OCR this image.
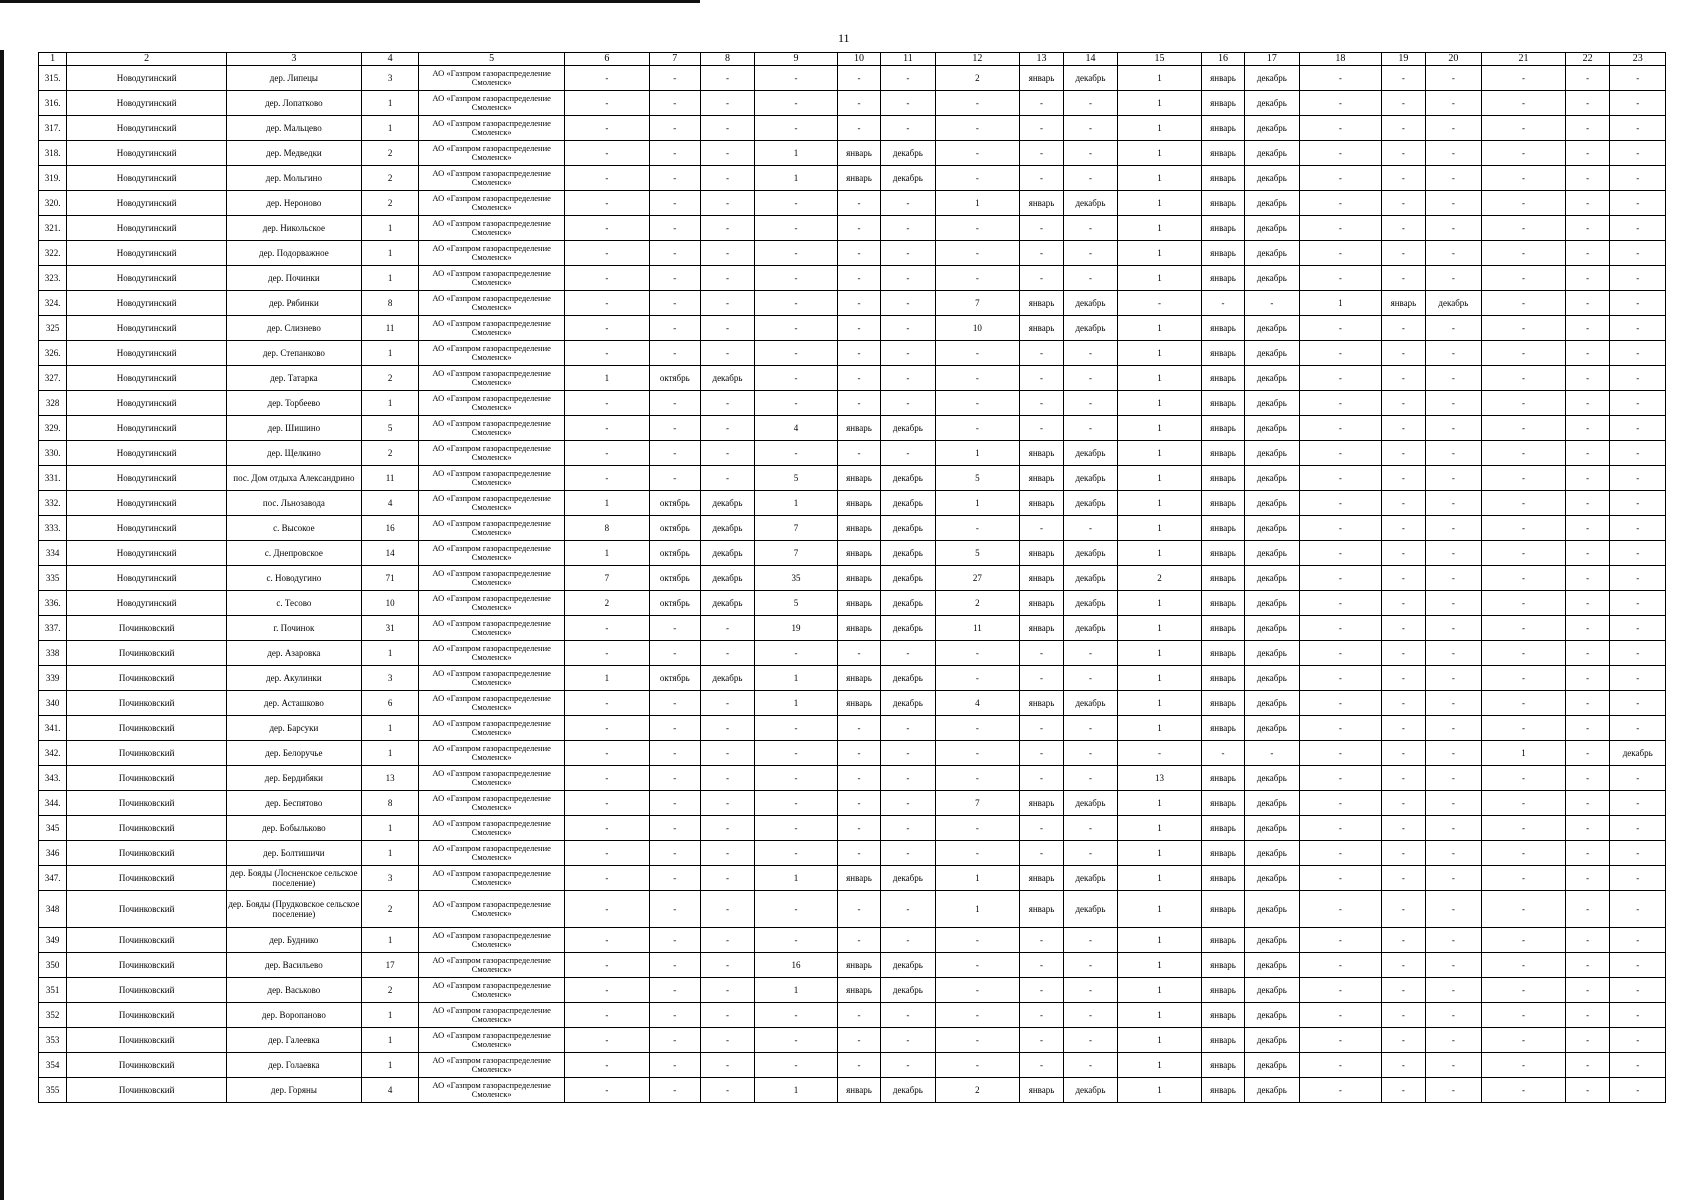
11
1	2	3	4	5	6	7	8	9	10	11	12	13	14	15	16	17	18	19	20	21	22	23
315.	Новодугинский	дер. Липецы	3	АО «Газпром газораспределение Смоленск»	-	-	-	-	-	-	2	январь	декабрь	1	январь	декабрь	-	-	-	-	-	-
316.	Новодугинский	дер. Лопатково	1	АО «Газпром газораспределение Смоленск»	-	-	-	-	-	-	-	-	-	1	январь	декабрь	-	-	-	-	-	-
317.	Новодугинский	дер. Мальцево	1	АО «Газпром газораспределение Смоленск»	-	-	-	-	-	-	-	-	-	1	январь	декабрь	-	-	-	-	-	-
318.	Новодугинский	дер. Медведки	2	АО «Газпром газораспределение Смоленск»	-	-	-	1	январь	декабрь	-	-	-	1	январь	декабрь	-	-	-	-	-	-
319.	Новодугинский	дер. Мольгино	2	АО «Газпром газораспределение Смоленск»	-	-	-	1	январь	декабрь	-	-	-	1	январь	декабрь	-	-	-	-	-	-
320.	Новодугинский	дер. Нероново	2	АО «Газпром газораспределение Смоленск»	-	-	-	-	-	-	1	январь	декабрь	1	январь	декабрь	-	-	-	-	-	-
321.	Новодугинский	дер. Никольское	1	АО «Газпром газораспределение Смоленск»	-	-	-	-	-	-	-	-	-	1	январь	декабрь	-	-	-	-	-	-
322.	Новодугинский	дер. Подорважное	1	АО «Газпром газораспределение Смоленск»	-	-	-	-	-	-	-	-	-	1	январь	декабрь	-	-	-	-	-	-
323.	Новодугинский	дер. Починки	1	АО «Газпром газораспределение Смоленск»	-	-	-	-	-	-	-	-	-	1	январь	декабрь	-	-	-	-	-	-
324.	Новодугинский	дер. Рябинки	8	АО «Газпром газораспределение Смоленск»	-	-	-	-	-	-	7	январь	декабрь	-	-	-	1	январь	декабрь	-	-	-
325	Новодугинский	дер. Слизнево	11	АО «Газпром газораспределение Смоленск»	-	-	-	-	-	-	10	январь	декабрь	1	январь	декабрь	-	-	-	-	-	-
326.	Новодугинский	дер. Степанково	1	АО «Газпром газораспределение Смоленск»	-	-	-	-	-	-	-	-	-	1	январь	декабрь	-	-	-	-	-	-
327.	Новодугинский	дер. Татарка	2	АО «Газпром газораспределение Смоленск»	1	октябрь	декабрь	-	-	-	-	-	-	1	январь	декабрь	-	-	-	-	-	-
328	Новодугинский	дер. Торбеево	1	АО «Газпром газораспределение Смоленск»	-	-	-	-	-	-	-	-	-	1	январь	декабрь	-	-	-	-	-	-
329.	Новодугинский	дер. Шишино	5	АО «Газпром газораспределение Смоленск»	-	-	-	4	январь	декабрь	-	-	-	1	январь	декабрь	-	-	-	-	-	-
330.	Новодугинский	дер. Щелкино	2	АО «Газпром газораспределение Смоленск»	-	-	-	-	-	-	1	январь	декабрь	1	январь	декабрь	-	-	-	-	-	-
331.	Новодугинский	пос. Дом отдыха Александрино	11	АО «Газпром газораспределение Смоленск»	-	-	-	5	январь	декабрь	5	январь	декабрь	1	январь	декабрь	-	-	-	-	-	-
332.	Новодугинский	пос. Льнозавода	4	АО «Газпром газораспределение Смоленск»	1	октябрь	декабрь	1	январь	декабрь	1	январь	декабрь	1	январь	декабрь	-	-	-	-	-	-
333.	Новодугинский	с. Высокое	16	АО «Газпром газораспределение Смоленск»	8	октябрь	декабрь	7	январь	декабрь	-	-	-	1	январь	декабрь	-	-	-	-	-	-
334	Новодугинский	с. Днепровское	14	АО «Газпром газораспределение Смоленск»	1	октябрь	декабрь	7	январь	декабрь	5	январь	декабрь	1	январь	декабрь	-	-	-	-	-	-
335	Новодугинский	с. Новодугино	71	АО «Газпром газораспределение Смоленск»	7	октябрь	декабрь	35	январь	декабрь	27	январь	декабрь	2	январь	декабрь	-	-	-	-	-	-
336.	Новодугинский	с. Тесово	10	АО «Газпром газораспределение Смоленск»	2	октябрь	декабрь	5	январь	декабрь	2	январь	декабрь	1	январь	декабрь	-	-	-	-	-	-
337.	Починковский	г. Починок	31	АО «Газпром газораспределение Смоленск»	-	-	-	19	январь	декабрь	11	январь	декабрь	1	январь	декабрь	-	-	-	-	-	-
338	Починковский	дер. Азаровка	1	АО «Газпром газораспределение Смоленск»	-	-	-	-	-	-	-	-	-	1	январь	декабрь	-	-	-	-	-	-
339	Починковский	дер. Акулинки	3	АО «Газпром газораспределение Смоленск»	1	октябрь	декабрь	1	январь	декабрь	-	-	-	1	январь	декабрь	-	-	-	-	-	-
340	Починковский	дер. Асташково	6	АО «Газпром газораспределение Смоленск»	-	-	-	1	январь	декабрь	4	январь	декабрь	1	январь	декабрь	-	-	-	-	-	-
341.	Починковский	дер. Барсуки	1	АО «Газпром газораспределение Смоленск»	-	-	-	-	-	-	-	-	-	1	январь	декабрь	-	-	-	-	-	-
342.	Починковский	дер. Белоручье	1	АО «Газпром газораспределение Смоленск»	-	-	-	-	-	-	-	-	-	-	-	-	-	-	-	1	-	декабрь
343.	Починковский	дер. Бердибяки	13	АО «Газпром газораспределение Смоленск»	-	-	-	-	-	-	-	-	-	13	январь	декабрь	-	-	-	-	-	-
344.	Починковский	дер. Беспятово	8	АО «Газпром газораспределение Смоленск»	-	-	-	-	-	-	7	январь	декабрь	1	январь	декабрь	-	-	-	-	-	-
345	Починковский	дер. Бобыльково	1	АО «Газпром газораспределение Смоленск»	-	-	-	-	-	-	-	-	-	1	январь	декабрь	-	-	-	-	-	-
346	Починковский	дер. Болтишичи	1	АО «Газпром газораспределение Смоленск»	-	-	-	-	-	-	-	-	-	1	январь	декабрь	-	-	-	-	-	-
347.	Починковский	дер. Бояды (Лосненское сельское поселение)	3	АО «Газпром газораспределение Смоленск»	-	-	-	1	январь	декабрь	1	январь	декабрь	1	январь	декабрь	-	-	-	-	-	-
348	Починковский	дер. Бояды (Прудковское сельское поселение)	2	АО «Газпром газораспределение Смоленск»	-	-	-	-	-	-	1	январь	декабрь	1	январь	декабрь	-	-	-	-	-	-
349	Починковский	дер. Буднико	1	АО «Газпром газораспределение Смоленск»	-	-	-	-	-	-	-	-	-	1	январь	декабрь	-	-	-	-	-	-
350	Починковский	дер. Васильево	17	АО «Газпром газораспределение Смоленск»	-	-	-	16	январь	декабрь	-	-	-	1	январь	декабрь	-	-	-	-	-	-
351	Починковский	дер. Васьково	2	АО «Газпром газораспределение Смоленск»	-	-	-	1	январь	декабрь	-	-	-	1	январь	декабрь	-	-	-	-	-	-
352	Починковский	дер. Воропаново	1	АО «Газпром газораспределение Смоленск»	-	-	-	-	-	-	-	-	-	1	январь	декабрь	-	-	-	-	-	-
353	Починковский	дер. Галеевка	1	АО «Газпром газораспределение Смоленск»	-	-	-	-	-	-	-	-	-	1	январь	декабрь	-	-	-	-	-	-
354	Починковский	дер. Голаевка	1	АО «Газпром газораспределение Смоленск»	-	-	-	-	-	-	-	-	-	1	январь	декабрь	-	-	-	-	-	-
355	Починковский	дер. Горяны	4	АО «Газпром газораспределение Смоленск»	-	-	-	1	январь	декабрь	2	январь	декабрь	1	январь	декабрь	-	-	-	-	-	-
